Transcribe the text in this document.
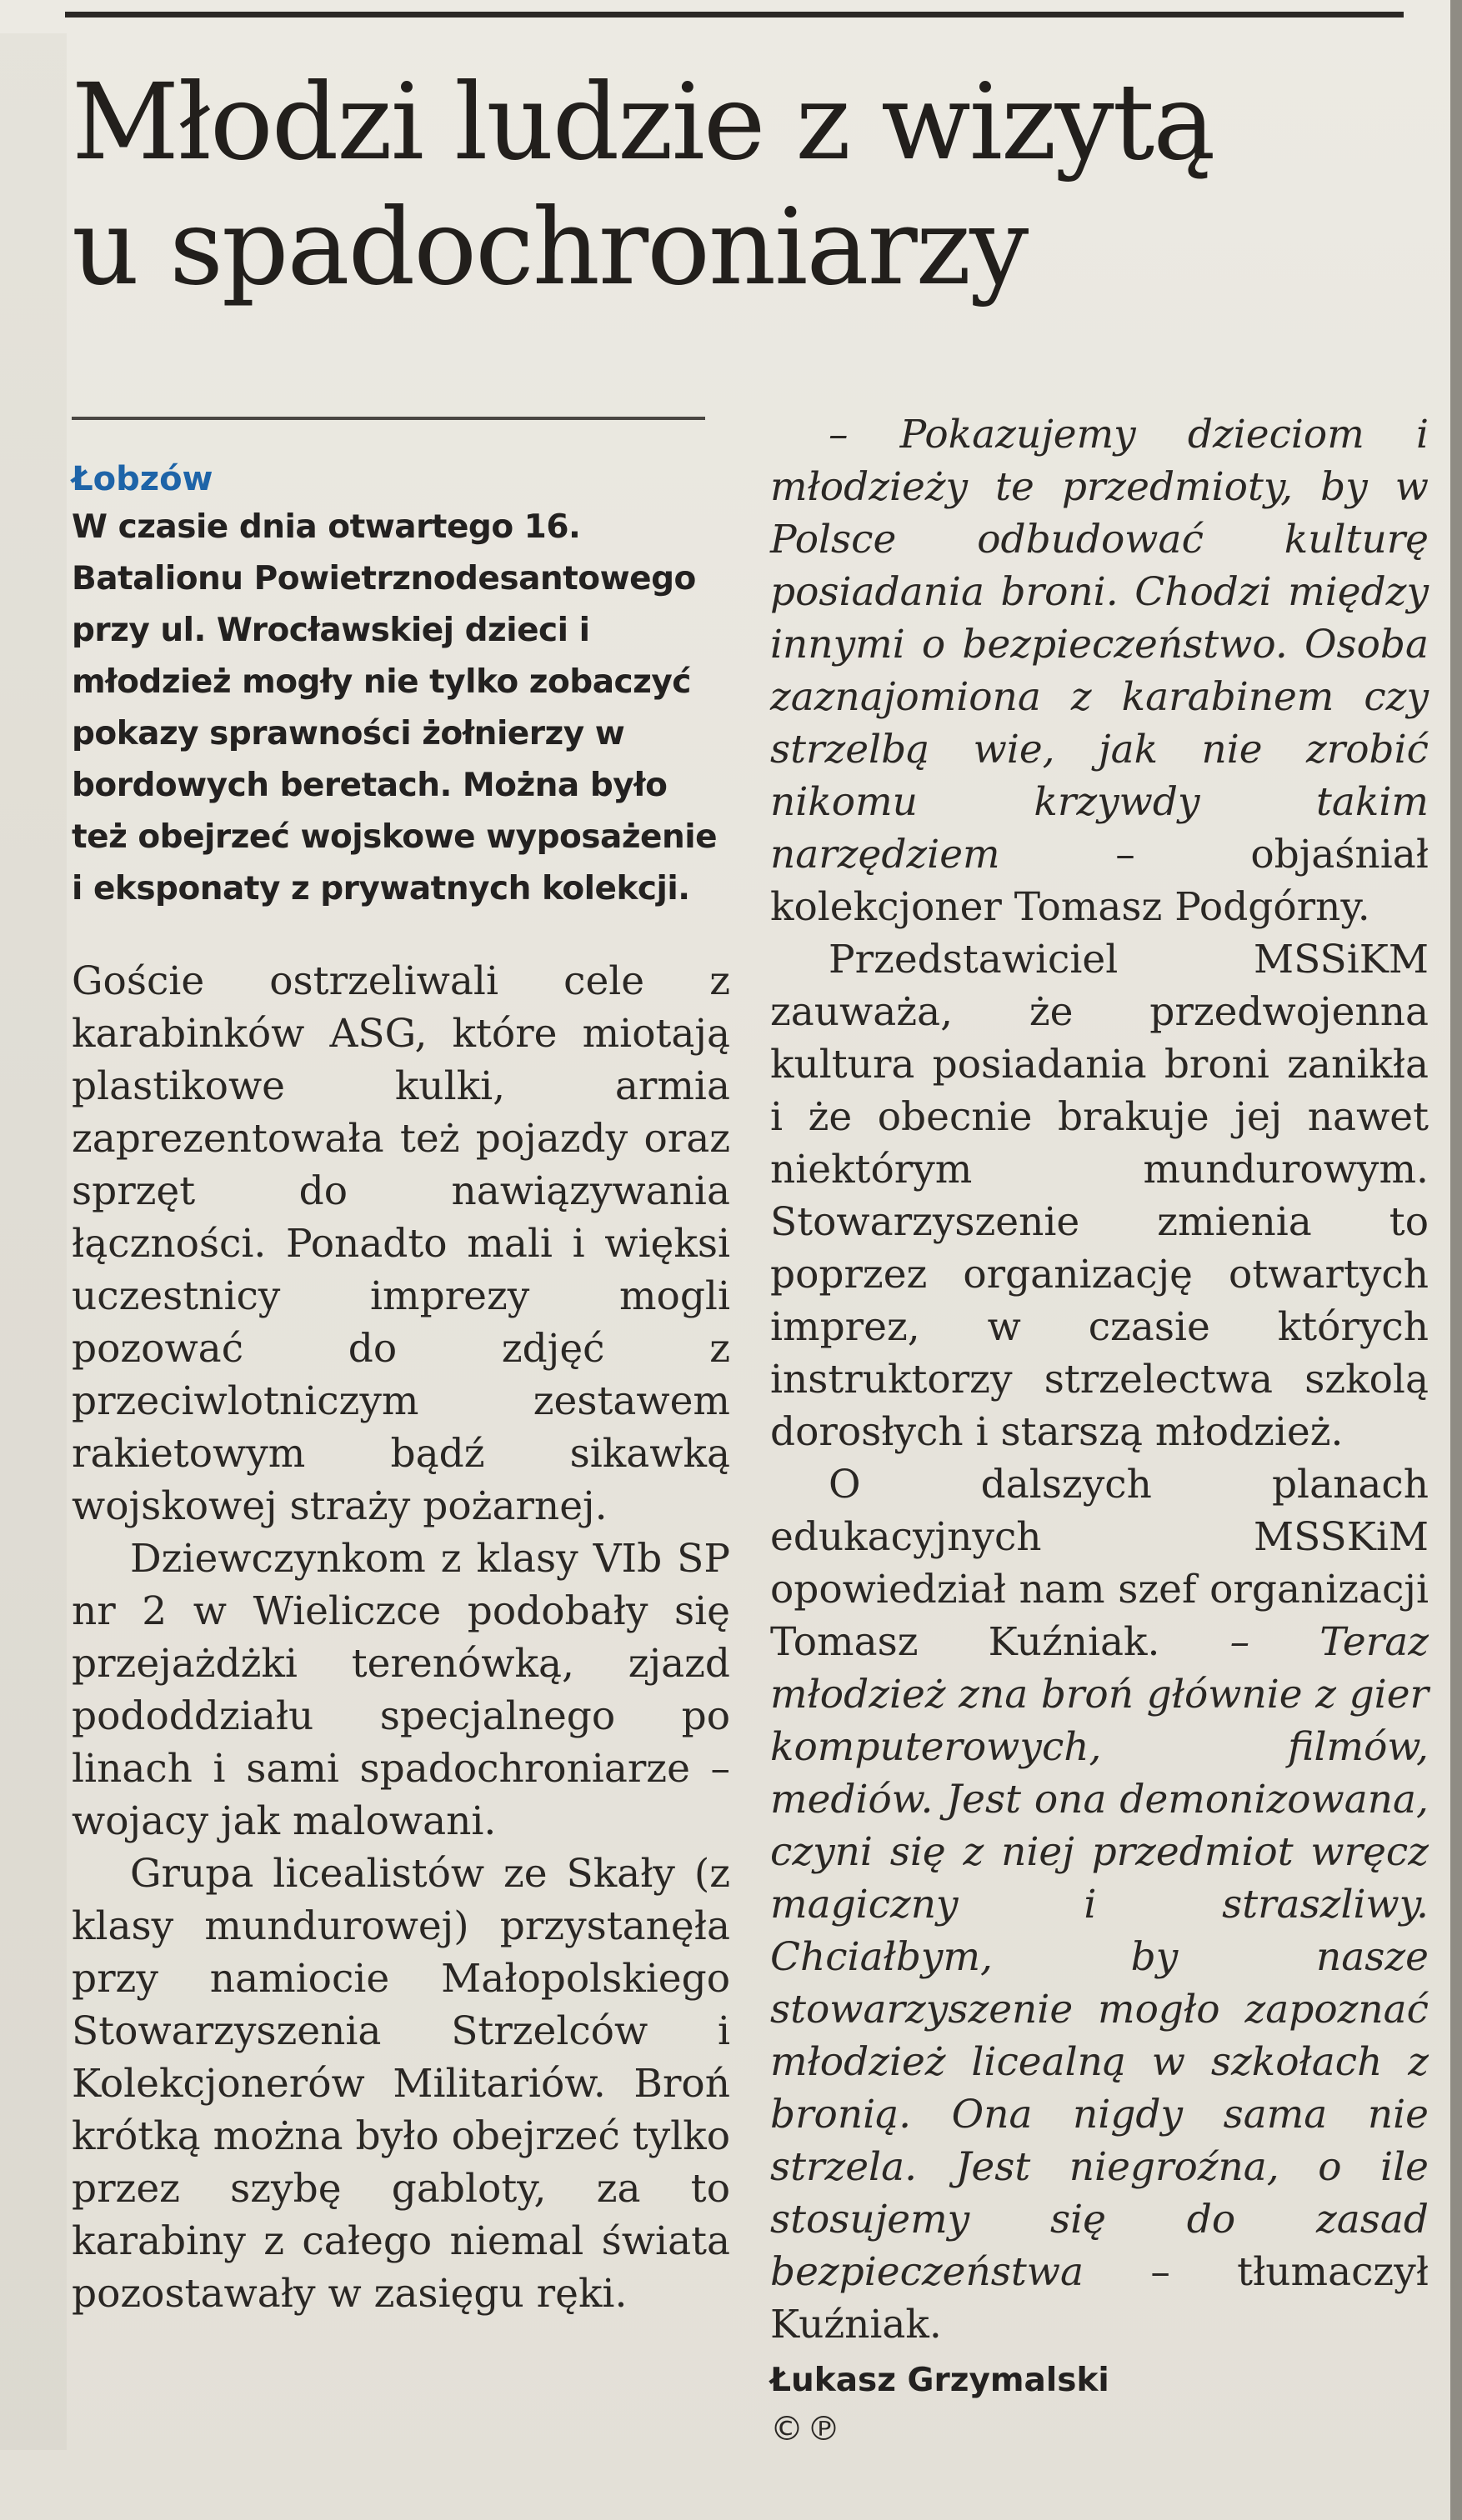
Młodzi ludzie z wizytą
u spadochroniarzy

Łobzów

W czasie dnia otwartego 16. Batalionu Powietrznodesantowego przy ul. Wrocławskiej dzieci i młodzież mogły nie tylko zobaczyć pokazy sprawności żołnierzy w bordowych beretach. Można było też obejrzeć wojskowe wyposażenie i eksponaty z prywatnych kolekcji.

Goście ostrzeliwali cele z karabinków ASG, które miotają plastikowe kulki, armia zaprezentowała też pojazdy oraz sprzęt do nawiązywania łączności. Ponadto mali i więksi uczestnicy imprezy mogli pozować do zdjęć z przeciwlotniczym zestawem rakietowym bądź sikawką wojskowej straży pożarnej.

Dziewczynkom z klasy VIb SP nr 2 w Wieliczce podobały się przejażdżki terenówką, zjazd pododdziału specjalnego po linach i sami spadochroniarze – wojacy jak malowani.

Grupa licealistów ze Skały (z klasy mundurowej) przystanęła przy namiocie Małopolskiego Stowarzyszenia Strzelców i Kolekcjonerów Militariów. Broń krótką można było obejrzeć tylko przez szybę gabloty, za to karabiny z całego niemal świata pozostawały w zasięgu ręki.

– Pokazujemy dzieciom i młodzieży te przedmioty, by w Polsce odbudować kulturę posiadania broni. Chodzi między innymi o bezpieczeństwo. Osoba zaznajomiona z karabinem czy strzelbą wie, jak nie zrobić nikomu krzywdy takim narzędziem – objaśniał kolekcjoner Tomasz Podgórny.

Przedstawiciel MSSiKM zauważa, że przedwojenna kultura posiadania broni zanikła i że obecnie brakuje jej nawet niektórym mundurowym. Stowarzyszenie zmienia to poprzez organizację otwartych imprez, w czasie których instruktorzy strzelectwa szkolą dorosłych i starszą młodzież.

O dalszych planach edukacyjnych MSSKiM opowiedział nam szef organizacji Tomasz Kuźniak. – Teraz młodzież zna broń głównie z gier komputerowych, filmów, mediów. Jest ona demonizowana, czyni się z niej przedmiot wręcz magiczny i straszliwy. Chciałbym, by nasze stowarzyszenie mogło zapoznać młodzież licealną w szkołach z bronią. Ona nigdy sama nie strzela. Jest niegroźna, o ile stosujemy się do zasad bezpieczeństwa – tłumaczył Kuźniak.

Łukasz Grzymalski

©℗
